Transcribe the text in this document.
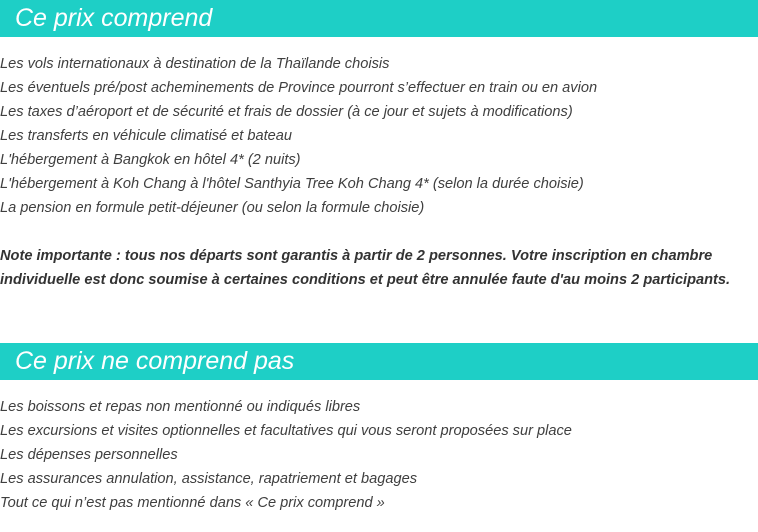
Ce prix comprend
Les vols internationaux à destination de la Thaïlande choisis
Les éventuels pré/post acheminements de Province pourront s’effectuer en train ou en avion
Les taxes d’aéroport et de sécurité et frais de dossier (à ce jour et sujets à modifications)
Les transferts en véhicule climatisé et bateau
L'hébergement à Bangkok en hôtel 4* (2 nuits)
L'hébergement à Koh Chang à l'hôtel Santhyia Tree Koh Chang 4* (selon la durée choisie)
La pension en formule petit-déjeuner (ou selon la formule choisie)

Note importante : tous nos départs sont garantis à partir de 2 personnes. Votre inscription en chambre individuelle est donc soumise à certaines conditions et peut être annulée faute d'au moins 2 participants.

Ce prix ne comprend pas
Les boissons et repas non mentionné ou indiqués libres
Les excursions et visites optionnelles et facultatives qui vous seront proposées sur place
Les dépenses personnelles
Les assurances annulation, assistance, rapatriement et bagages
Tout ce qui n’est pas mentionné dans « Ce prix comprend »
